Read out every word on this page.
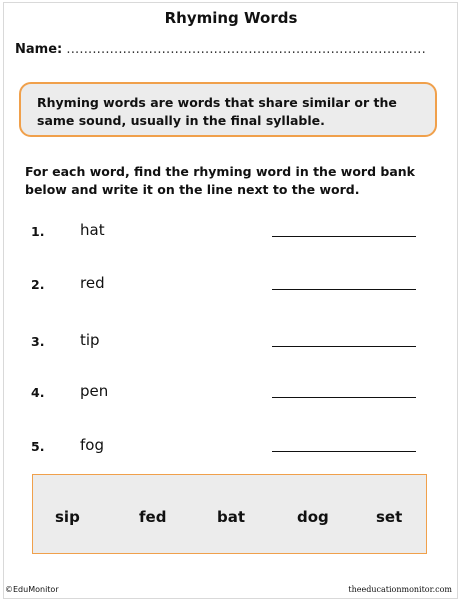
Rhyming Words
Name: ...................................................................................
Rhyming words are words that share similar or the same sound, usually in the final syllable.
For each word, find the rhyming word in the word bank below and write it on the line next to the word.
1. hat
2. red
3. tip
4. pen
5. fog
sip	fed	bat	dog	set
©EduMonitor	theeducationmonitor.com
